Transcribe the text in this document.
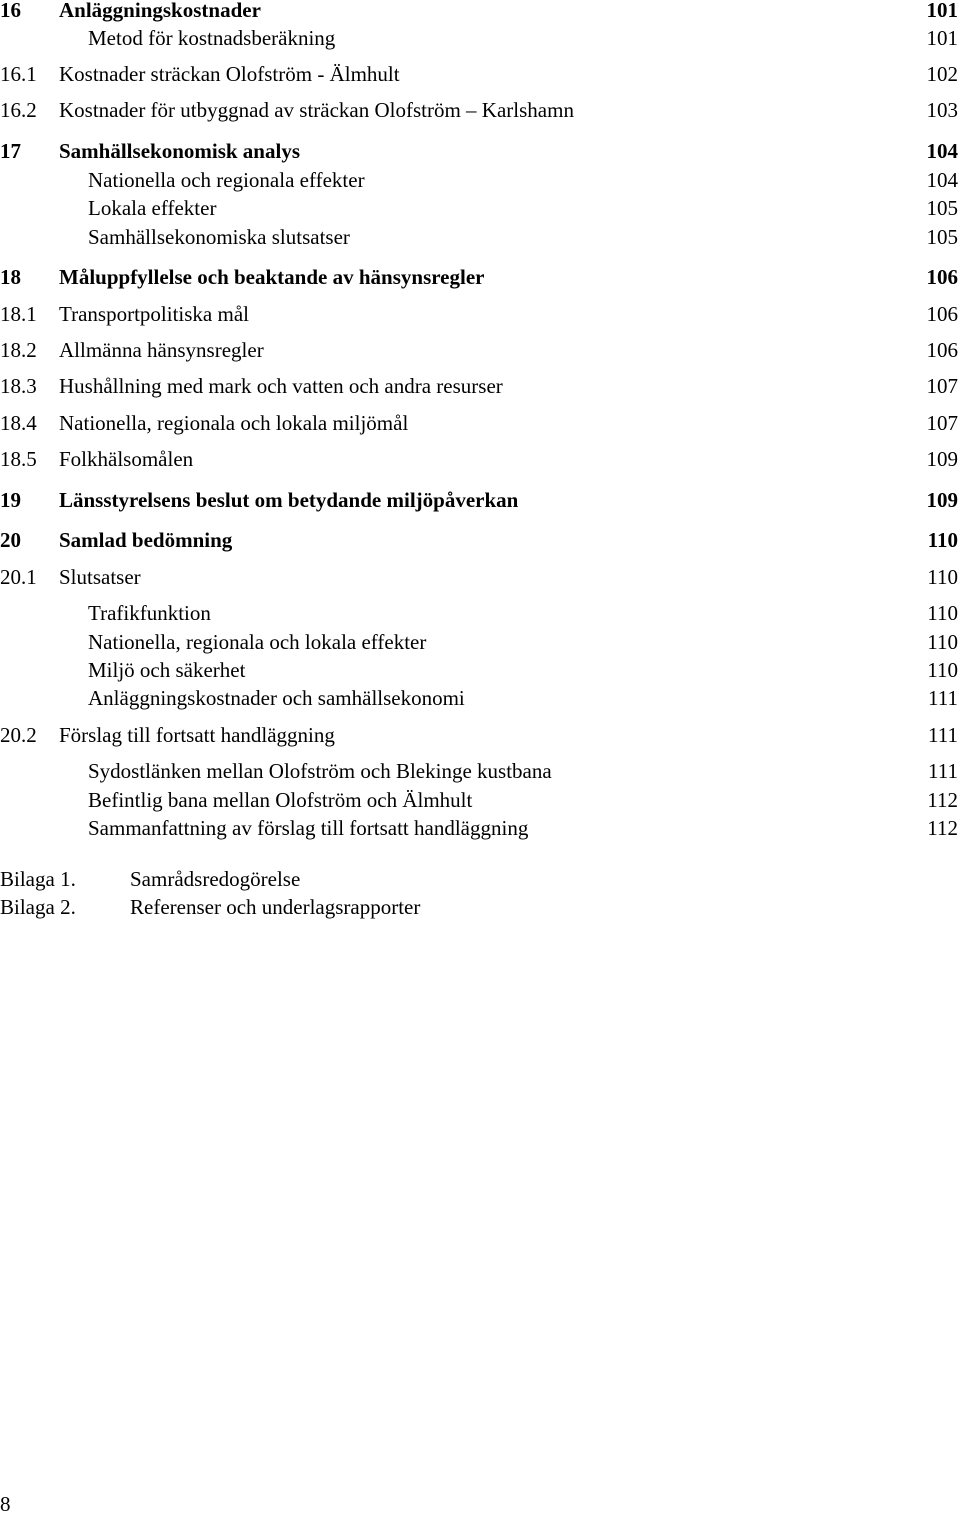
16	Anläggningskostnader	101
Metod för kostnadsberäkning	101
16.1	Kostnader sträckan Olofström - Älmhult	102
16.2	Kostnader för utbyggnad av sträckan Olofström – Karlshamn	103
17	Samhällsekonomisk analys	104
Nationella och regionala effekter	104
Lokala effekter	105
Samhällsekonomiska slutsatser	105
18	Måluppfyllelse och beaktande av hänsynsregler	106
18.1	Transportpolitiska mål	106
18.2	Allmänna hänsynsregler	106
18.3	Hushållning med mark och vatten och andra resurser	107
18.4	Nationella, regionala och lokala miljömål	107
18.5	Folkhälsomålen	109
19	Länsstyrelsens beslut om betydande miljöpåverkan	109
20	Samlad bedömning	110
20.1	Slutsatser	110
Trafikfunktion	110
Nationella, regionala och lokala effekter	110
Miljö och säkerhet	110
Anläggningskostnader och samhällsekonomi	111
20.2	Förslag till fortsatt handläggning	111
Sydostlänken mellan Olofström och Blekinge kustbana	111
Befintlig bana mellan Olofström och Älmhult	112
Sammanfattning av förslag till fortsatt handläggning	112
Bilaga 1.	Samrådsredogörelse
Bilaga 2.	Referenser och underlagsrapporter
8
